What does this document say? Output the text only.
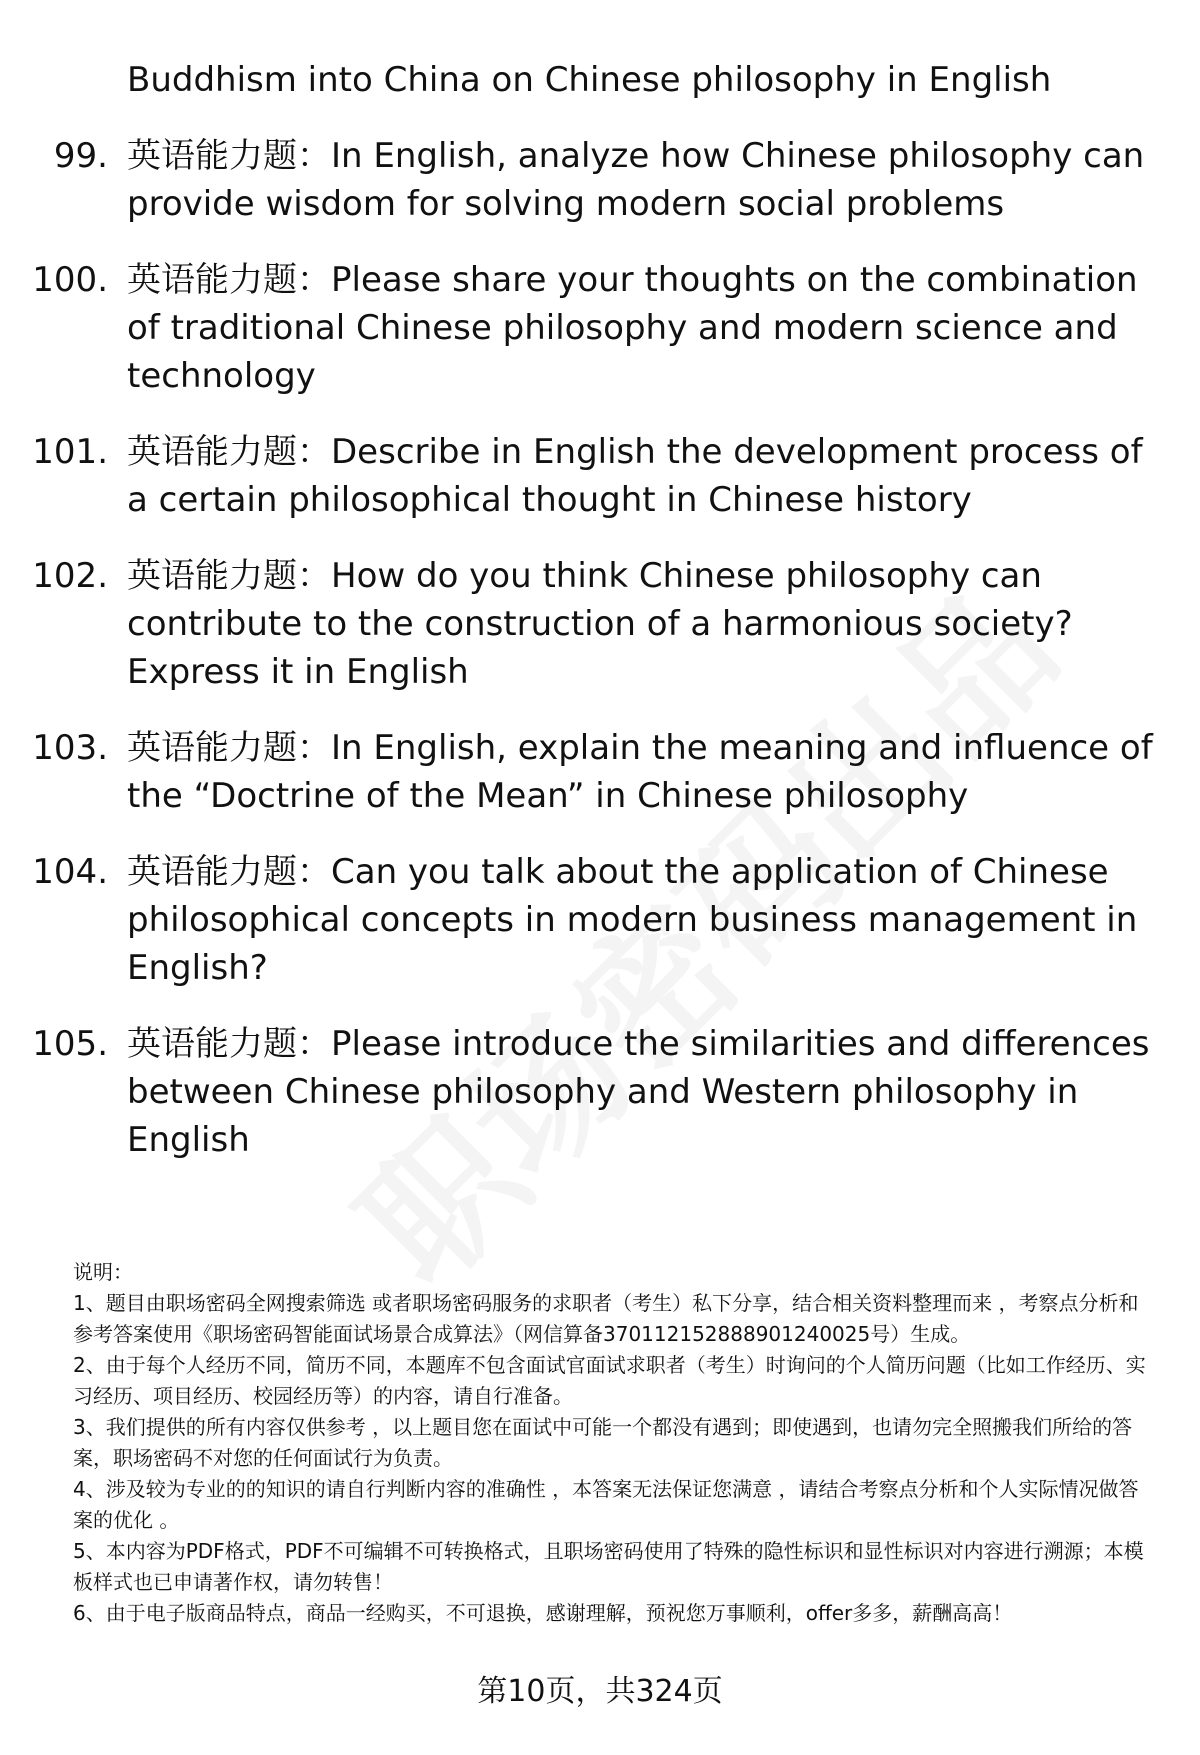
Buddhism into China on Chinese philosophy in English
99. 英语能力题：In English, analyze how Chinese philosophy can provide wisdom for solving modern social problems
100. 英语能力题：Please share your thoughts on the combination of traditional Chinese philosophy and modern science and technology
101. 英语能力题：Describe in English the development process of a certain philosophical thought in Chinese history
102. 英语能力题：How do you think Chinese philosophy can contribute to the construction of a harmonious society? Express it in English
103. 英语能力题：In English, explain the meaning and influence of the “Doctrine of the Mean” in Chinese philosophy
104. 英语能力题：Can you talk about the application of Chinese philosophical concepts in modern business management in English?
105. 英语能力题：Please introduce the similarities and differences between Chinese philosophy and Western philosophy in English

说明：

1、题目由职场密码全网搜索筛选 或者职场密码服务的求职者（考生）私下分享，结合相关资料整理而来 ，考察点分析和参考答案使用《职场密码智能面试场景合成算法》（网信算备370112152888901240025号）生成。

2、由于每个人经历不同，简历不同，本题库不包含面试官面试求职者（考生）时询问的个人简历问题（比如工作经历、实习经历、项目经历、校园经历等）的内容，请自行准备。

3、我们提供的所有内容仅供参考 ，以上题目您在面试中可能一个都没有遇到；即使遇到，也请勿完全照搬我们所给的答案，职场密码不对您的任何面试行为负责。

4、涉及较为专业的的知识的请自行判断内容的准确性 ，本答案无法保证您满意 ，请结合考察点分析和个人实际情况做答案的优化 。

5、本内容为PDF格式，PDF不可编辑不可转换格式，且职场密码使用了特殊的隐性标识和显性标识对内容进行溯源；本模板样式也已申请著作权，请勿转售！

6、由于电子版商品特点，商品一经购买，不可退换，感谢理解，预祝您万事顺利，offer多多，薪酬高高！

第10页，共324页
